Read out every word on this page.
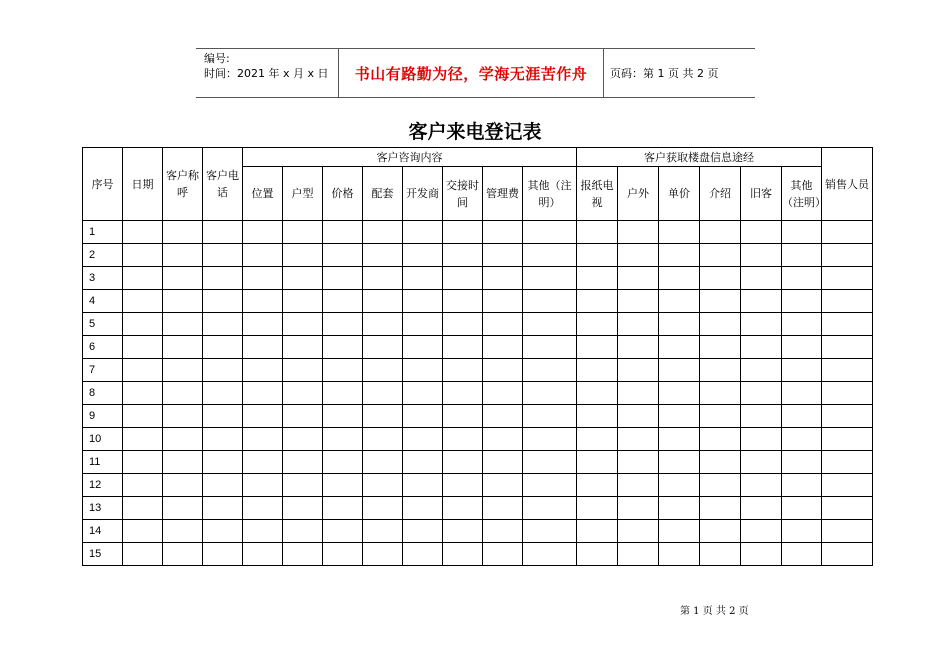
编号:
时间：2021 年 x 月 x 日	书山有路勤为径，学海无涯苦作舟	页码：第 1 页 共 2 页
客户来电登记表
序号	日期	客户称呼	客户电话	客户咨询内容								客户获取楼盘信息途经						销售人员
				位置	户型	价格	配套	开发商	交接时间	管理费	其他（注明）	报纸电视	户外	单价	介绍	旧客	其他（注明）	
1																		
2																		
3																		
4																		
5																		
6																		
7																		
8																		
9																		
10																		
11																		
12																		
13																		
14																		
15																		
第 1 页 共 2 页
